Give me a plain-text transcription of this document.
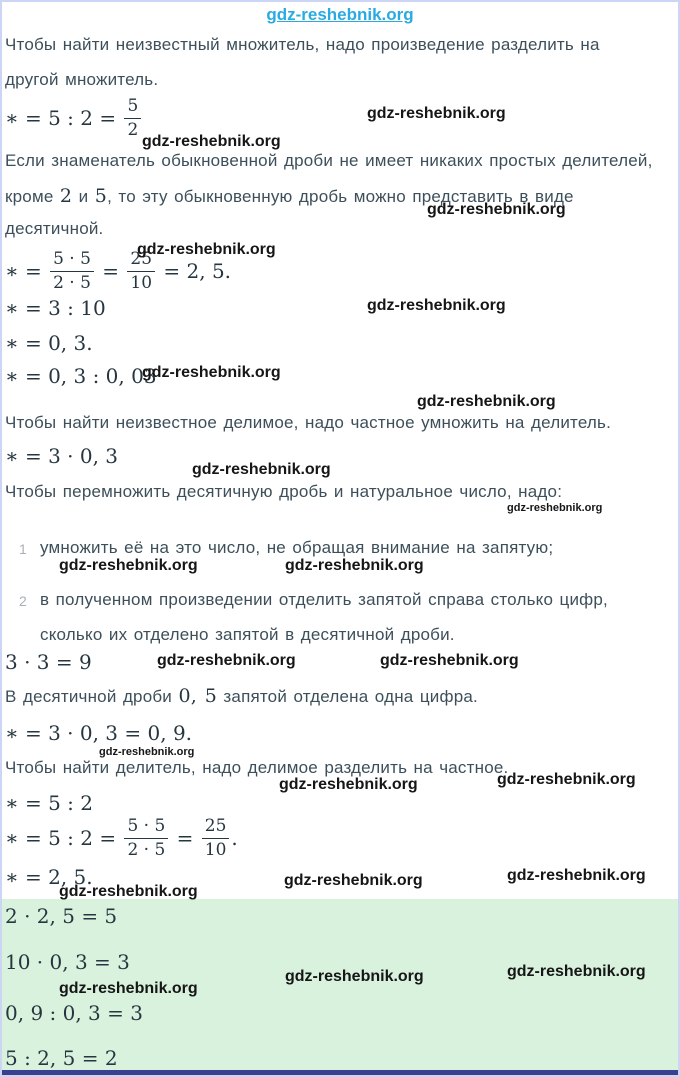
gdz-reshebnik.org
Чтобы найти неизвестный множитель, надо произведение разделить на
другой множитель.
∗ = 5 : $2 = \frac{5}{2}$
Если знаменатель обыкновенной дроби не имеет никаких простых делителей,
кроме 2 и 5, то эту обыкновенную дробь можно представить в виде
десятичной.
∗ = $\frac{5 \cdot 5}{2 \cdot 5} = \frac{25}{10} = 2$, 5.
∗ = 3 : 10
∗ = 0, 3.
∗ = 0, 3 : 0, 03
Чтобы найти неизвестное делимое, надо частное умножить на делитель.
∗ = 3 · 0, 3
Чтобы перемножить десятичную дробь и натуральное число, надо:
1 умножить её на это число, не обращая внимание на запятую;
2 в полученном произведении отделить запятой справа столько цифр,
сколько их отделено запятой в десятичной дроби.
3 · 3 = 9
В десятичной дроби 0, 5 запятой отделена одна цифра.
∗ = 3 · 0, 3 = 0, 9.
Чтобы найти делитель, надо делимое разделить на частное.
∗ = 5 : 2
∗ = 5 : $2 = \frac{5 \cdot 5}{2 \cdot 5} = \frac{25}{10}$ .
∗ = 2, 5.
2 · 2, 5 = 5
10 · 0, 3 = 3
0, 9 : 0, 3 = 3
5 : 2, 5 = 2
gdz-reshebnik.org
gdz-reshebnik.org
gdz-reshebnik.org
gdz-reshebnik.org
gdz-reshebnik.org
gdz-reshebnik.org
gdz-reshebnik.org
gdz-reshebnik.org
gdz-reshebnik.org
gdz-reshebnik.org	gdz-reshebnik.org
gdz-reshebnik.org	gdz-reshebnik.org
gdz-reshebnik.org
gdz-reshebnik.org	gdz-reshebnik.org
gdz-reshebnik.org	gdz-reshebnik.org
gdz-reshebnik.org
gdz-reshebnik.org	gdz-reshebnik.org
gdz-reshebnik.org
